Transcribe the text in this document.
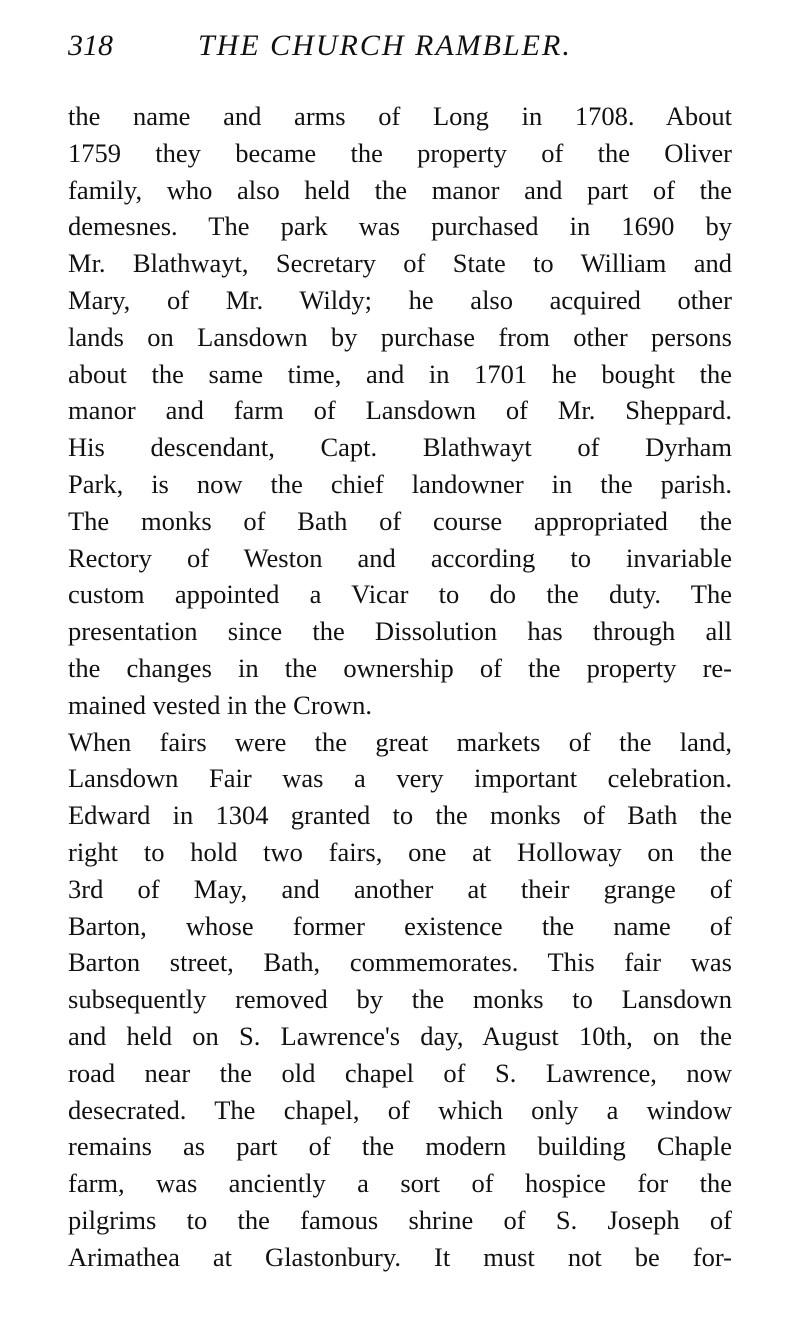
318	THE CHURCH RAMBLER.
the name and arms of Long in 1708. About
1759 they became the property of the Oliver
family, who also held the manor and part of the
demesnes. The park was purchased in 1690 by
Mr. Blathwayt, Secretary of State to William and
Mary, of Mr. Wildy; he also acquired other
lands on Lansdown by purchase from other persons
about the same time, and in 1701 he bought the
manor and farm of Lansdown of Mr. Sheppard.
His descendant, Capt. Blathwayt of Dyrham
Park, is now the chief landowner in the parish.
The monks of Bath of course appropriated the
Rectory of Weston and according to invariable
custom appointed a Vicar to do the duty. The
presentation since the Dissolution has through all
the changes in the ownership of the property re-
mained vested in the Crown.
When fairs were the great markets of the land,
Lansdown Fair was a very important celebration.
Edward in 1304 granted to the monks of Bath the
right to hold two fairs, one at Holloway on the
3rd of May, and another at their grange of
Barton, whose former existence the name of
Barton street, Bath, commemorates. This fair was
subsequently removed by the monks to Lansdown
and held on S. Lawrence's day, August 10th, on the
road near the old chapel of S. Lawrence, now
desecrated. The chapel, of which only a window
remains as part of the modern building Chaple
farm, was anciently a sort of hospice for the
pilgrims to the famous shrine of S. Joseph of
Arimathea at Glastonbury. It must not be for-
